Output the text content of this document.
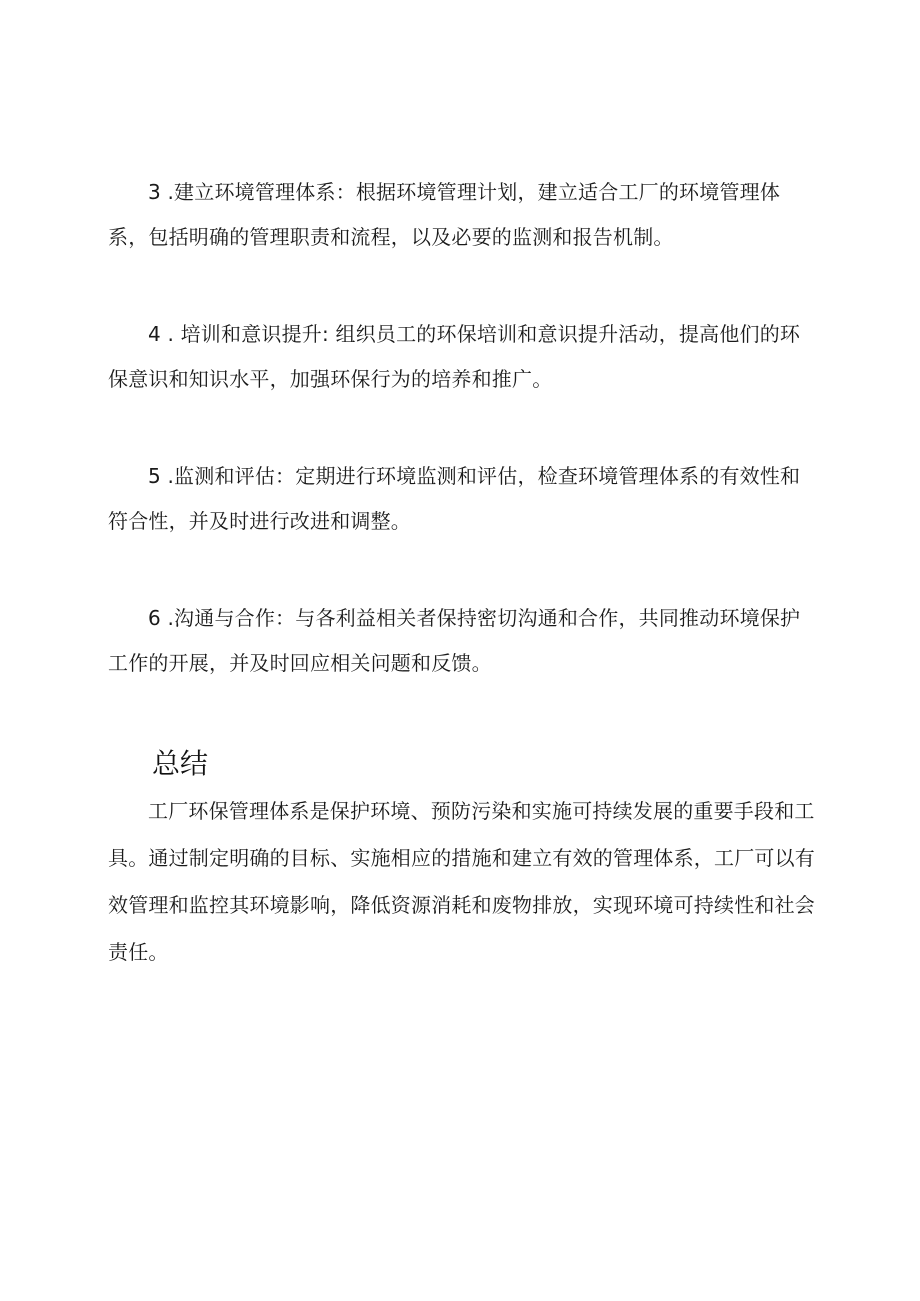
3 .建立环境管理体系：根据环境管理计划，建立适合工厂的环境管理体系，包括明确的管理职责和流程，以及必要的监测和报告机制。

4 . 培训和意识提升: 组织员工的环保培训和意识提升活动，提高他们的环保意识和知识水平，加强环保行为的培养和推广。

5 .监测和评估：定期进行环境监测和评估，检查环境管理体系的有效性和符合性，并及时进行改进和调整。

6 .沟通与合作：与各利益相关者保持密切沟通和合作，共同推动环境保护工作的开展，并及时回应相关问题和反馈。

总结

工厂环保管理体系是保护环境、预防污染和实施可持续发展的重要手段和工具。通过制定明确的目标、实施相应的措施和建立有效的管理体系，工厂可以有效管理和监控其环境影响，降低资源消耗和废物排放，实现环境可持续性和社会责任。
